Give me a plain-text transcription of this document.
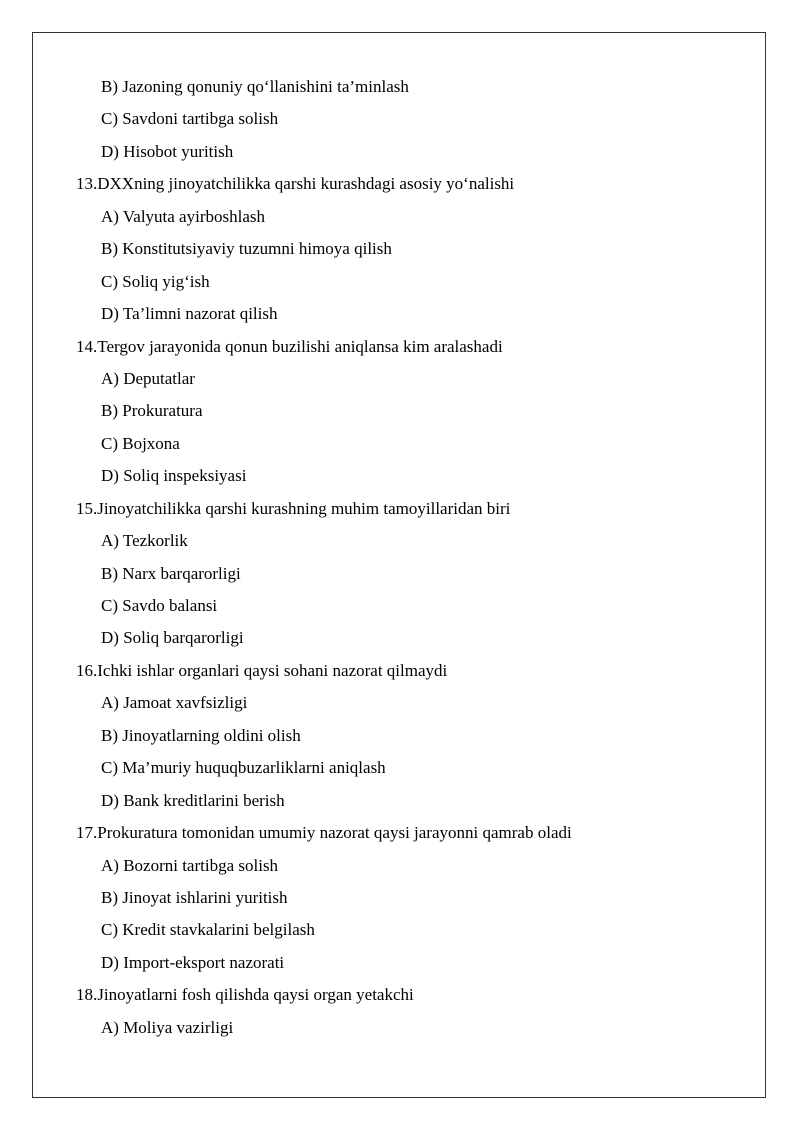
B) Jazoning qonuniy qo‘llanishini ta’minlash
C) Savdoni tartibga solish
D) Hisobot yuritish
13.DXXning jinoyatchilikka qarshi kurashdagi asosiy yo‘nalishi
A) Valyuta ayirboshlash
B) Konstitutsiyaviy tuzumni himoya qilish
C) Soliq yig‘ish
D) Ta’limni nazorat qilish
14.Tergov jarayonida qonun buzilishi aniqlansa kim aralashadi
A) Deputatlar
B) Prokuratura
C) Bojxona
D) Soliq inspeksiyasi
15.Jinoyatchilikka qarshi kurashning muhim tamoyillaridan biri
A) Tezkorlik
B) Narx barqarorligi
C) Savdo balansi
D) Soliq barqarorligi
16.Ichki ishlar organlari qaysi sohani nazorat qilmaydi
A) Jamoat xavfsizligi
B) Jinoyatlarning oldini olish
C) Ma’muriy huquqbuzarliklarni aniqlash
D) Bank kreditlarini berish
17.Prokuratura tomonidan umumiy nazorat qaysi jarayonni qamrab oladi
A) Bozorni tartibga solish
B) Jinoyat ishlarini yuritish
C) Kredit stavkalarini belgilash
D) Import-eksport nazorati
18.Jinoyatlarni fosh qilishda qaysi organ yetakchi
A) Moliya vazirligi
